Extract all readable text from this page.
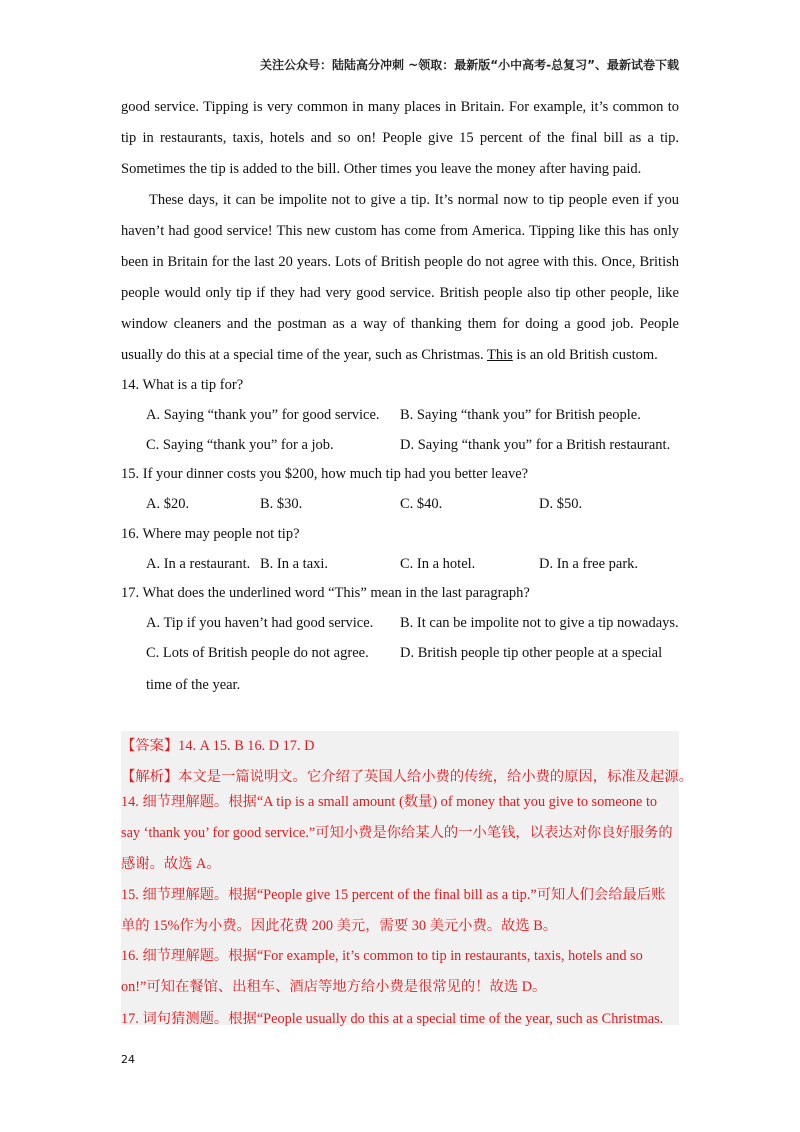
关注公众号：陆陆高分冲刺 ~领取：最新版“小中高考-总复习”、最新试卷下载
good service. Tipping is very common in many places in Britain. For example, it’s common to tip in restaurants, taxis, hotels and so on! People give 15 percent of the final bill as a tip. Sometimes the tip is added to the bill. Other times you leave the money after having paid.
These days, it can be impolite not to give a tip. It’s normal now to tip people even if you haven’t had good service! This new custom has come from America. Tipping like this has only been in Britain for the last 20 years. Lots of British people do not agree with this. Once, British people would only tip if they had very good service. British people also tip other people, like window cleaners and the postman as a way of thanking them for doing a good job. People usually do this at a special time of the year, such as Christmas. This is an old British custom.
14. What is a tip for?
A. Saying “thank you” for good service. B. Saying “thank you” for British people.
C. Saying “thank you” for a job.	D. Saying “thank you” for a British restaurant.
15. If your dinner costs you $200, how much tip had you better leave?
A. $20.	B. $30.	C. $40.	D. $50.
16. Where may people not tip?
A. In a restaurant. B. In a taxi.	C. In a hotel.	D. In a free park.
17. What does the underlined word “This” mean in the last paragraph?
A. Tip if you haven’t had good service. B. It can be impolite not to give a tip nowadays.
C. Lots of British people do not agree. D. British people tip other people at a special
time of the year.
【答案】14. A 15. B 16. D 17. D
【解析】本文是一篇说明文。它介绍了英国人给小费的传统，给小费的原因，标准及起源。
14. 细节理解题。根据“A tip is a small amount (数量) of money that you give to someone to say ‘thank you’ for good service.”可知小费是你给某人的一小笔钱，以表达对你良好服务的感谢。故选 A。
15. 细节理解题。根据“People give 15 percent of the final bill as a tip.”可知人们会给最后账单的 15%作为小费。因此花费 200 美元，需要 30 美元小费。故选 B。
16. 细节理解题。根据“For example, it’s common to tip in restaurants, taxis, hotels and so on!”可知在餐馆、出租车、酒店等地方给小费是很常见的！故选 D。
17. 词句猜测题。根据“People usually do this at a special time of the year, such as Christmas.
24
